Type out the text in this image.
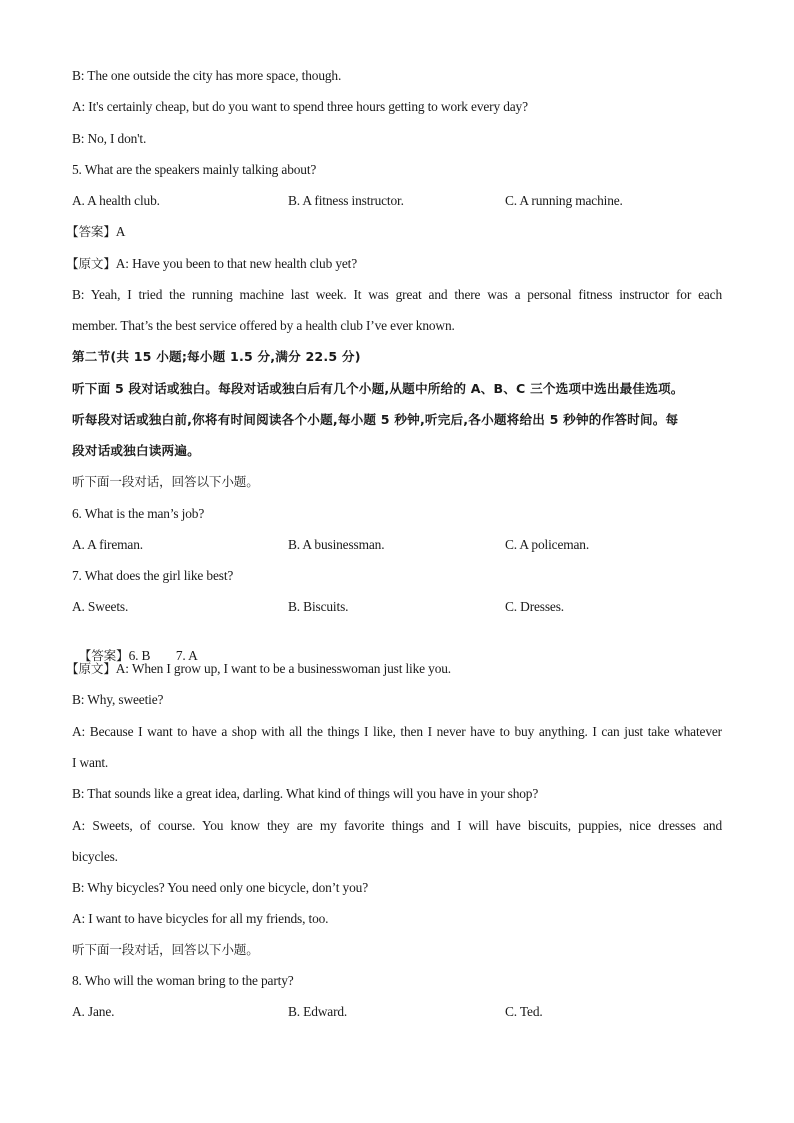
B: The one outside the city has more space, though.
A: It's certainly cheap, but do you want to spend three hours getting to work every day?
B: No, I don't.
5. What are the speakers mainly talking about?
A. A health club.	B. A fitness instructor.	C. A running machine.
【答案】A
【原文】A: Have you been to that new health club yet?
B: Yeah, I tried the running machine last week. It was great and there was a personal fitness instructor for each
member. That’s the best service offered by a health club I’ve ever known.
第二节(共 15 小题;每小题 1.5 分,满分 22.5 分)
听下面 5 段对话或独白。每段对话或独白后有几个小题,从题中所给的 A、B、C 三个选项中选出最佳选项。
听每段对话或独白前,你将有时间阅读各个小题,每小题 5 秒钟,听完后,各小题将给出 5 秒钟的作答时间。每
段对话或独白读两遍。
听下面一段对话，回答以下小题。
6. What is the man’s job?
A. A fireman.	B. A businessman.	C. A policeman.
7. What does the girl like best?
A. Sweets.	B. Biscuits.	C. Dresses.

【答案】6. B        7. A

【原文】A: When I grow up, I want to be a businesswoman just like you.
B: Why, sweetie?
A: Because I want to have a shop with all the things I like, then I never have to buy anything. I can just take whatever
I want.
B: That sounds like a great idea, darling. What kind of things will you have in your shop?
A: Sweets, of course. You know they are my favorite things and I will have biscuits, puppies, nice dresses and
bicycles.
B: Why bicycles? You need only one bicycle, don’t you?
A: I want to have bicycles for all my friends, too.
听下面一段对话，回答以下小题。
8. Who will the woman bring to the party?
A. Jane.	B. Edward.	C. Ted.
